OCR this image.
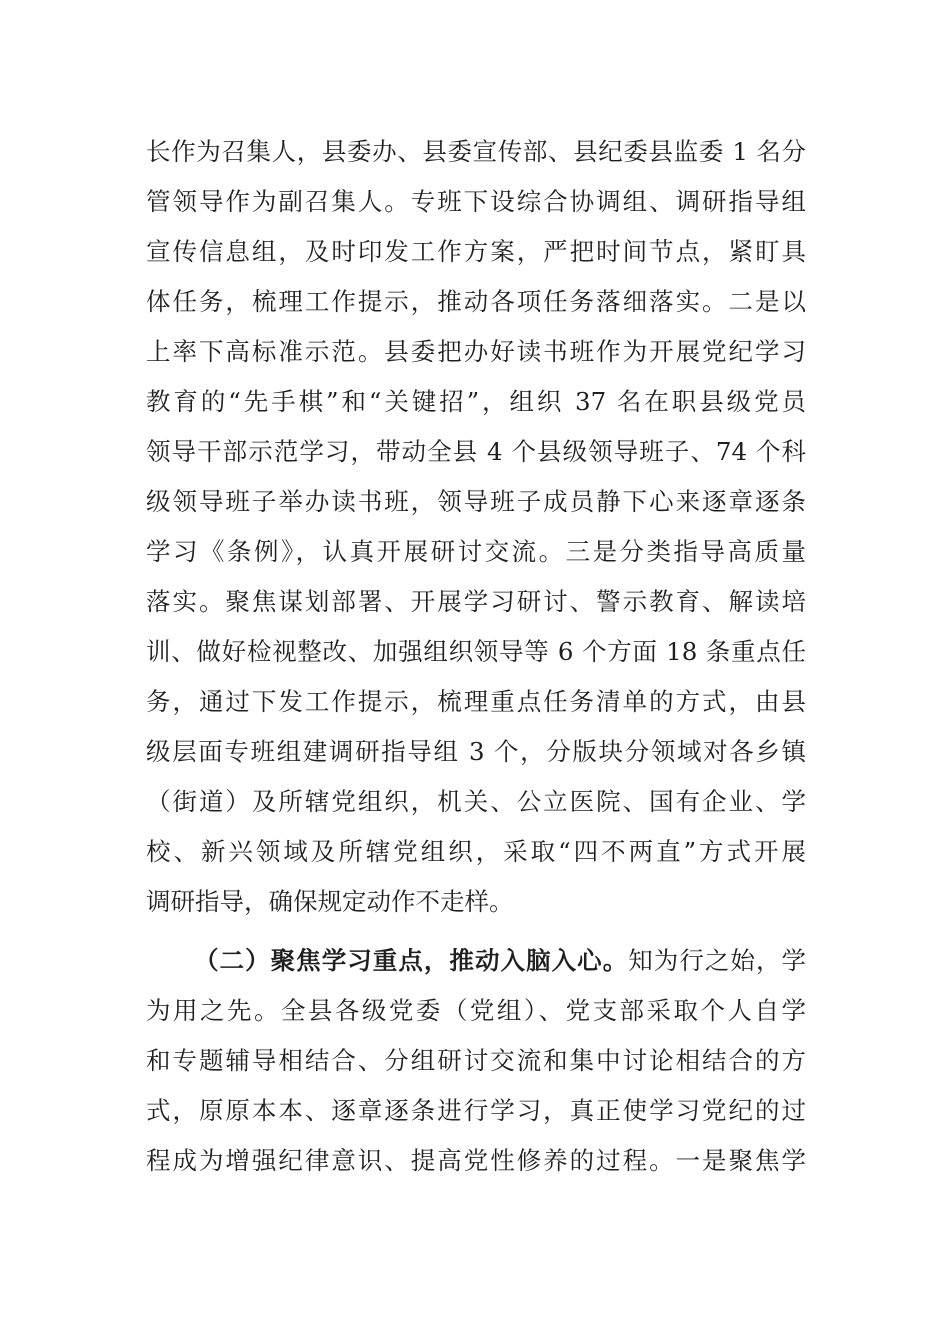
长作为召集人，县委办、县委宣传部、县纪委县监委 1 名分
管领导作为副召集人。专班下设综合协调组、调研指导组
宣传信息组，及时印发工作方案，严把时间节点，紧盯具
体任务，梳理工作提示，推动各项任务落细落实。二是以
上率下高标准示范。县委把办好读书班作为开展党纪学习
教育的“先手棋”和“关键招”，组织 37 名在职县级党员
领导干部示范学习，带动全县 4 个县级领导班子、74 个科
级领导班子举办读书班，领导班子成员静下心来逐章逐条
学习《条例》，认真开展研讨交流。三是分类指导高质量
落实。聚焦谋划部署、开展学习研讨、警示教育、解读培
训、做好检视整改、加强组织领导等 6 个方面 18 条重点任
务，通过下发工作提示，梳理重点任务清单的方式，由县
级层面专班组建调研指导组 3 个，分版块分领域对各乡镇
（街道）及所辖党组织，机关、公立医院、国有企业、学
校、新兴领域及所辖党组织，采取“四不两直”方式开展
调研指导，确保规定动作不走样。
（二）聚焦学习重点，推动入脑入心。知为行之始，学
为用之先。全县各级党委（党组）、党支部采取个人自学
和专题辅导相结合、分组研讨交流和集中讨论相结合的方
式，原原本本、逐章逐条进行学习，真正使学习党纪的过
程成为增强纪律意识、提高党性修养的过程。一是聚焦学
